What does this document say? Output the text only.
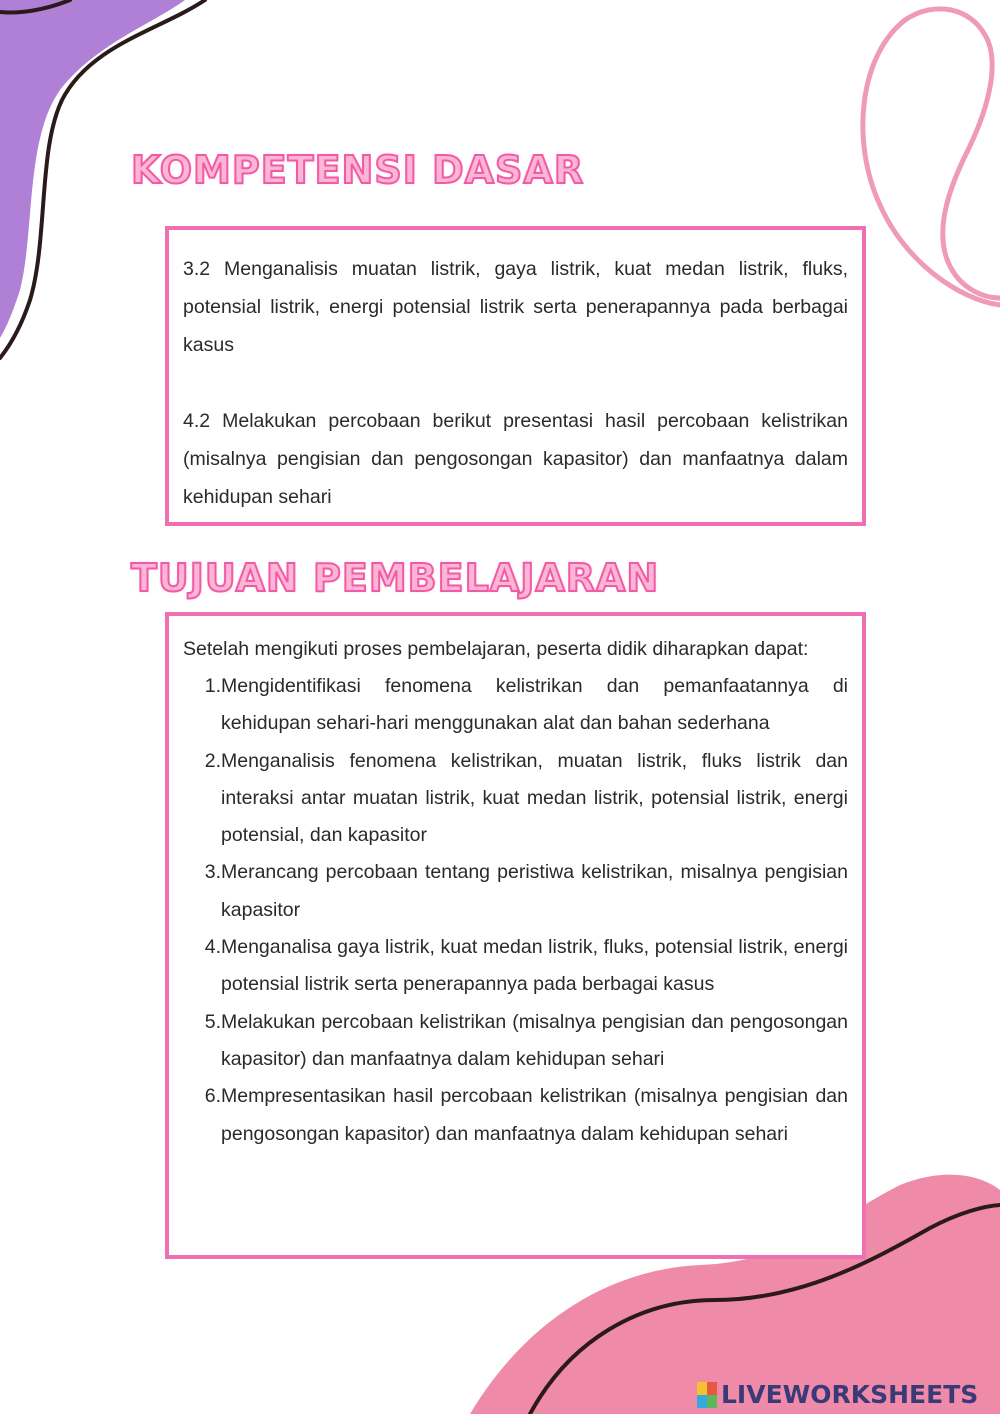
KOMPETENSI DASAR

3.2 Menganalisis muatan listrik, gaya listrik, kuat medan listrik, fluks, potensial listrik, energi potensial listrik serta penerapannya pada berbagai kasus

4.2 Melakukan percobaan berikut presentasi hasil percobaan kelistrikan (misalnya pengisian dan pengosongan kapasitor) dan manfaatnya dalam kehidupan sehari

TUJUAN PEMBELAJARAN

Setelah mengikuti proses pembelajaran, peserta didik diharapkan dapat:

1. Mengidentifikasi fenomena kelistrikan dan pemanfaatannya di kehidupan sehari-hari menggunakan alat dan bahan sederhana
2. Menganalisis fenomena kelistrikan, muatan listrik, fluks listrik dan interaksi antar muatan listrik, kuat medan listrik, potensial listrik, energi potensial, dan kapasitor
3. Merancang percobaan tentang peristiwa kelistrikan, misalnya pengisian kapasitor
4. Menganalisa gaya listrik, kuat medan listrik, fluks, potensial listrik, energi potensial listrik serta penerapannya pada berbagai kasus
5. Melakukan percobaan kelistrikan (misalnya pengisian dan pengosongan kapasitor) dan manfaatnya dalam kehidupan sehari
6. Mempresentasikan hasil percobaan kelistrikan (misalnya pengisian dan pengosongan kapasitor) dan manfaatnya dalam kehidupan sehari
LIVEWORKSHEETS
